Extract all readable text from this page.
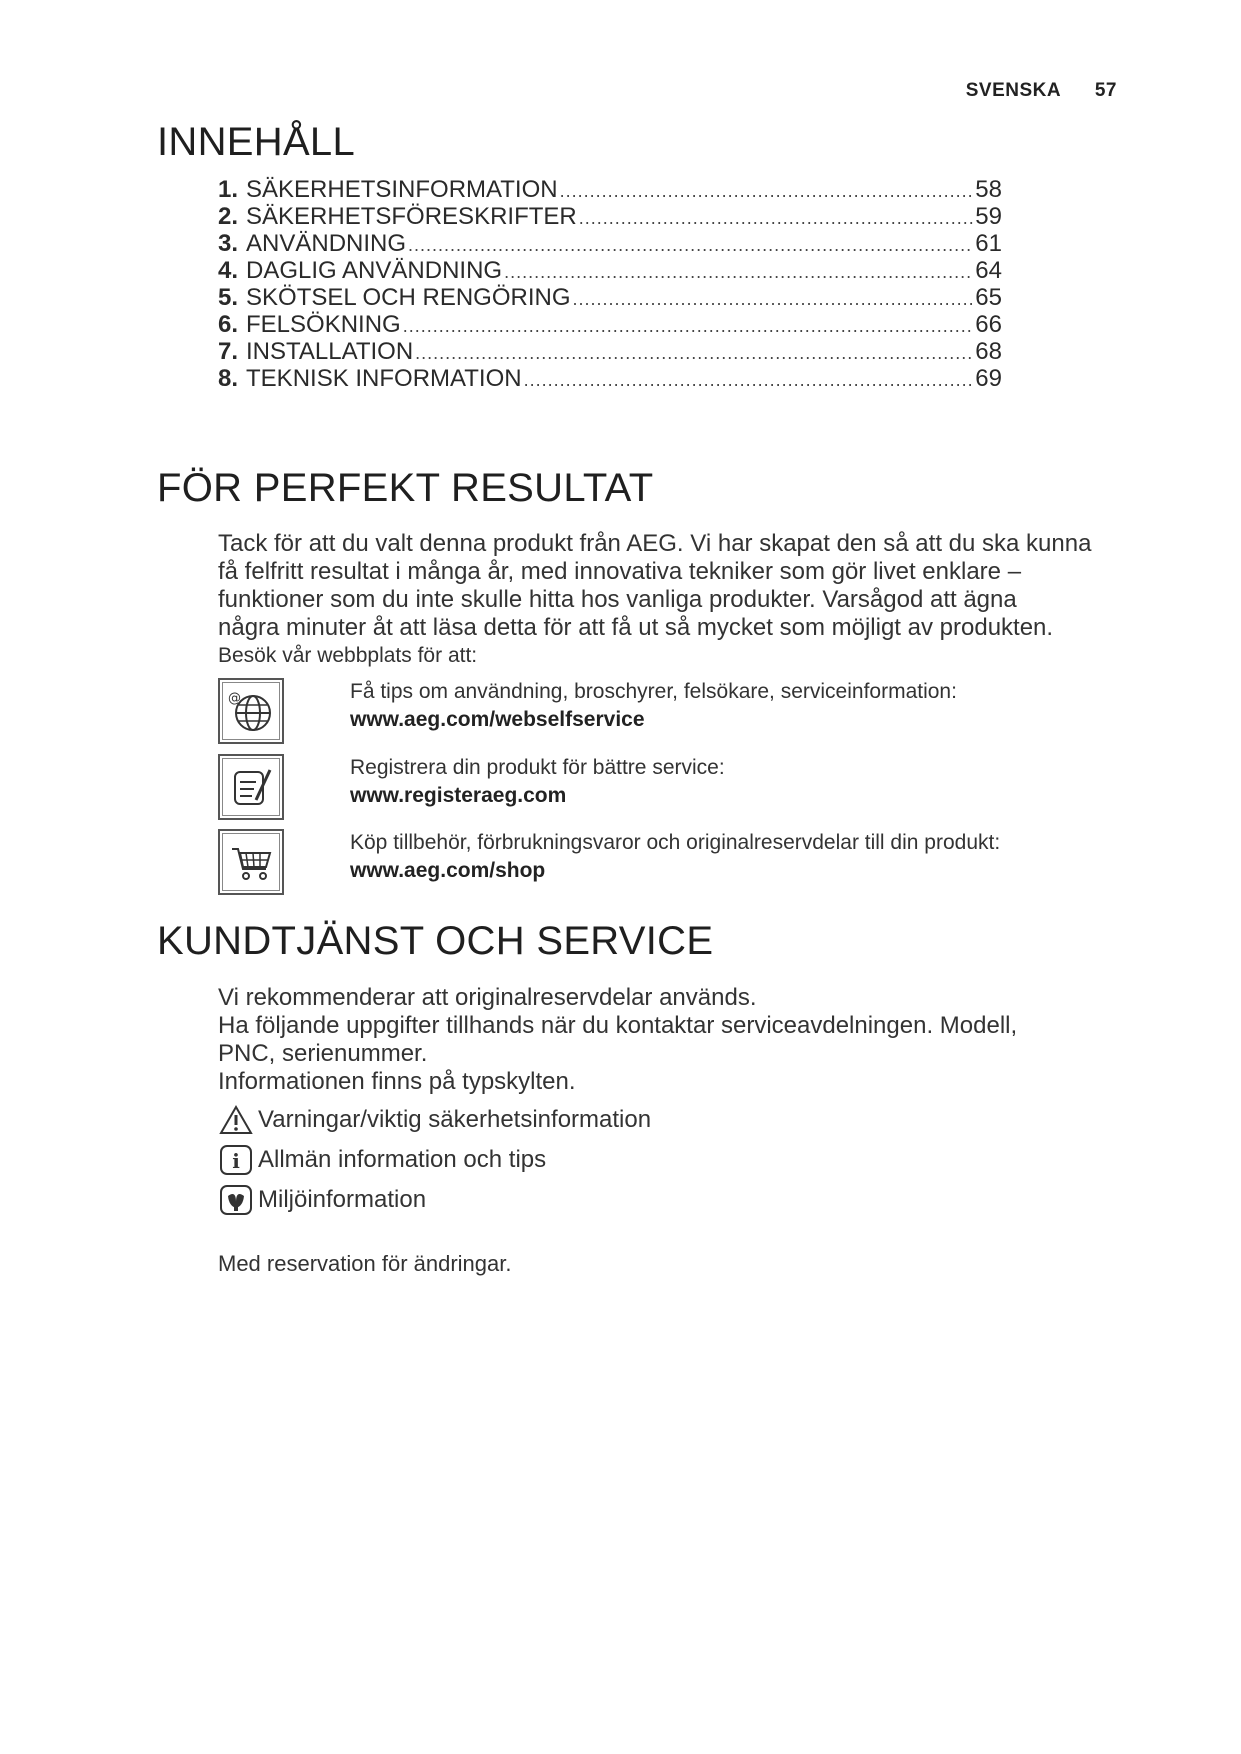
SVENSKA 57
INNEHÅLL
1. SÄKERHETSINFORMATION .....	58
2. SÄKERHETSFÖRESKRIFTER .....	59
3. ANVÄNDNING .....	61
4. DAGLIG ANVÄNDNING .....	64
5. SKÖTSEL OCH RENGÖRING .....	65
6. FELSÖKNING .....	66
7. INSTALLATION .....	68
8. TEKNISK INFORMATION .....	69
FÖR PERFEKT RESULTAT
Tack för att du valt denna produkt från AEG. Vi har skapat den så att du ska kunna
få felfritt resultat i många år, med innovativa tekniker som gör livet enklare –
funktioner som du inte skulle hitta hos vanliga produkter. Varsågod att ägna
några minuter åt att läsa detta för att få ut så mycket som möjligt av produkten.
Besök vår webbplats för att:
@	Få tips om användning, broschyrer, felsökare, serviceinformation:
www.aeg.com/webselfservice
Registrera din produkt för bättre service:
www.registeraeg.com
Köp tillbehör, förbrukningsvaror och originalreservdelar till din produkt:
www.aeg.com/shop
KUNDTJÄNST OCH SERVICE
Vi rekommenderar att originalreservdelar används.
Ha följande uppgifter tillhands när du kontaktar serviceavdelningen. Modell,
PNC, serienummer.
Informationen finns på typskylten.
Varningar/viktig säkerhetsinformation
i Allmän information och tips
Miljöinformation
Med reservation för ändringar.
